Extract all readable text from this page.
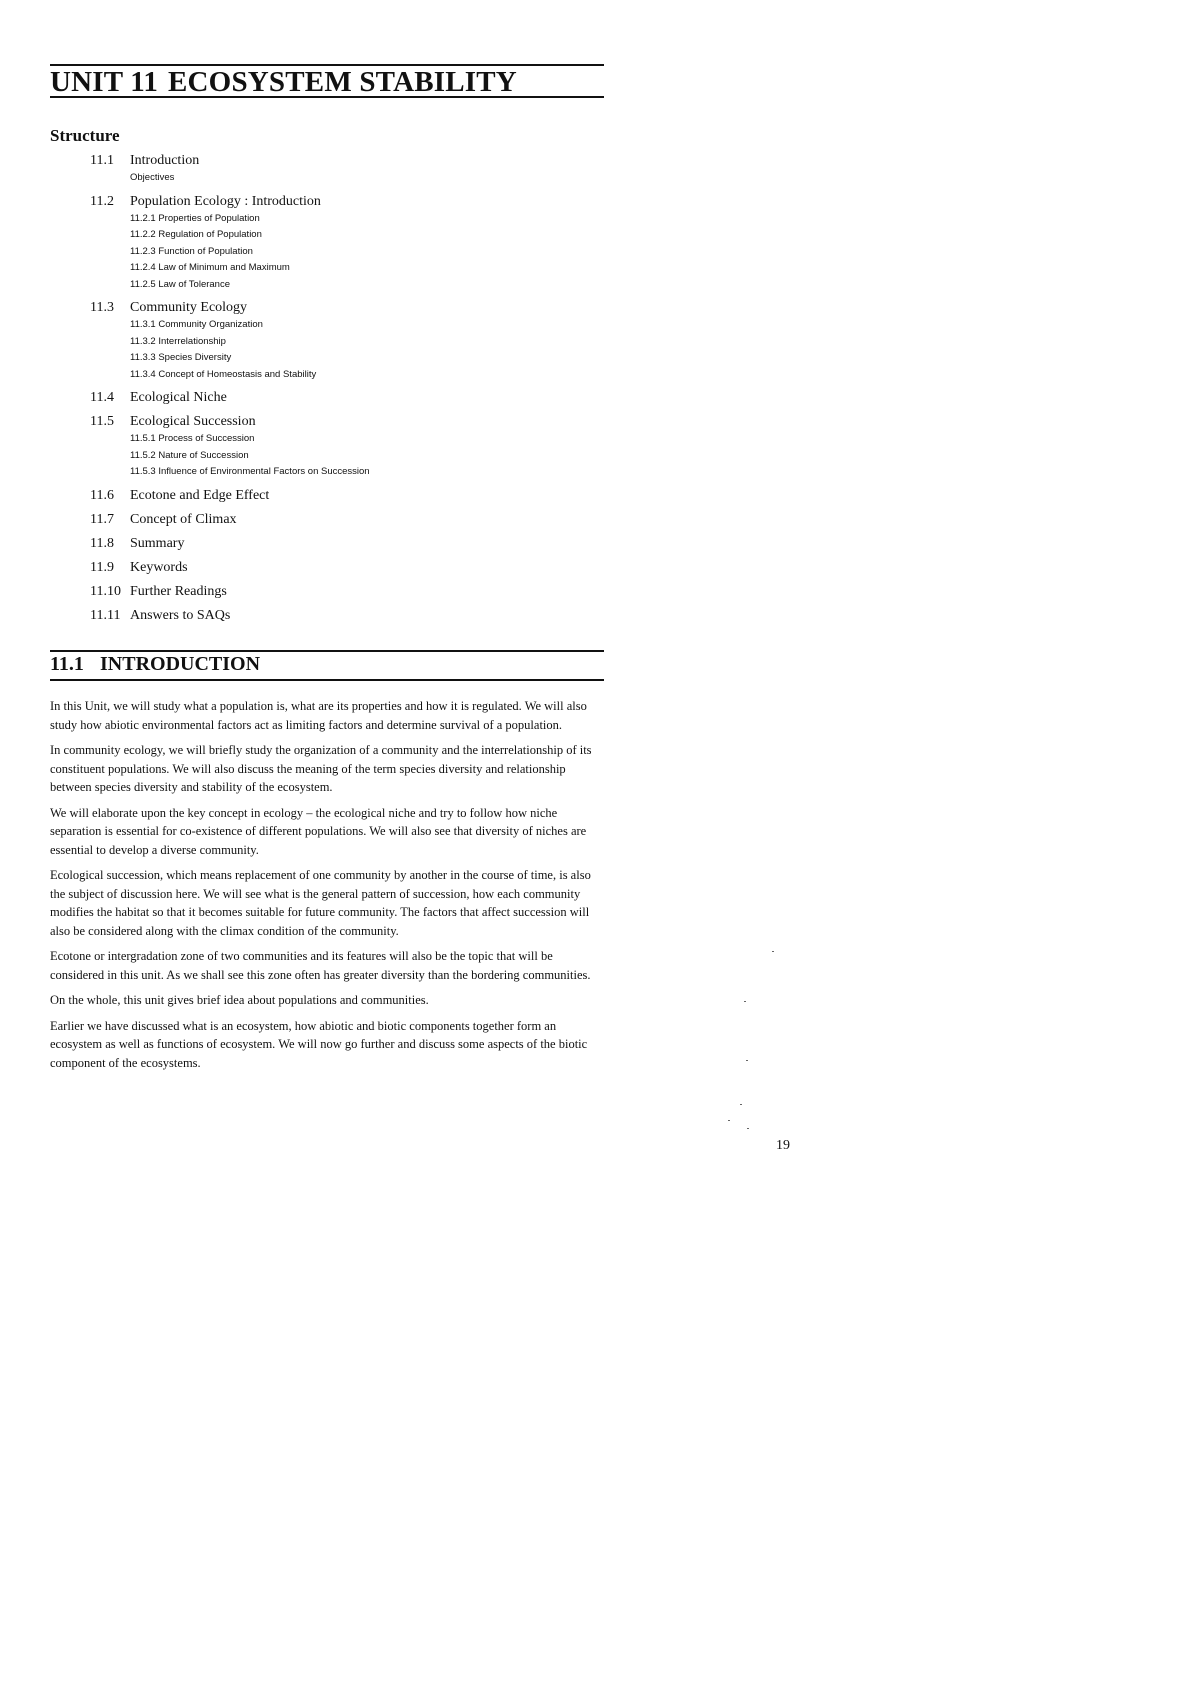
UNIT 11 ECOSYSTEM STABILITY
Structure
11.1 Introduction
Objectives
11.2 Population Ecology : Introduction
11.2.1 Properties of Population
11.2.2 Regulation of Population
11.2.3 Function of Population
11.2.4 Law of Minimum and Maximum
11.2.5 Law of Tolerance
11.3 Community Ecology
11.3.1 Community Organization
11.3.2 Interrelationship
11.3.3 Species Diversity
11.3.4 Concept of Homeostasis and Stability
11.4 Ecological Niche
11.5 Ecological Succession
11.5.1 Process of Succession
11.5.2 Nature of Succession
11.5.3 Influence of Environmental Factors on Succession
11.6 Ecotone and Edge Effect
11.7 Concept of Climax
11.8 Summary
11.9 Keywords
11.10 Further Readings
11.11 Answers to SAQs
11.1 INTRODUCTION

In this Unit, we will study what a population is, what are its properties and how it is regulated. We will also study how abiotic environmental factors act as limiting factors and determine survival of a population.

In community ecology, we will briefly study the organization of a community and the interrelationship of its constituent populations. We will also discuss the meaning of the term species diversity and relationship between species diversity and stability of the ecosystem.

We will elaborate upon the key concept in ecology – the ecological niche and try to follow how niche separation is essential for co-existence of different populations. We will also see that diversity of niches are essential to develop a diverse community.

Ecological succession, which means replacement of one community by another in the course of time, is also the subject of discussion here. We will see what is the general pattern of succession, how each community modifies the habitat so that it becomes suitable for future community. The factors that affect succession will also be considered along with the climax condition of the community.

Ecotone or intergradation zone of two communities and its features will also be the topic that will be considered in this unit. As we shall see this zone often has greater diversity than the bordering communities.

On the whole, this unit gives brief idea about populations and communities.

Earlier we have discussed what is an ecosystem, how abiotic and biotic components together form an ecosystem as well as functions of ecosystem. We will now go further and discuss some aspects of the biotic component of the ecosystems.

19
